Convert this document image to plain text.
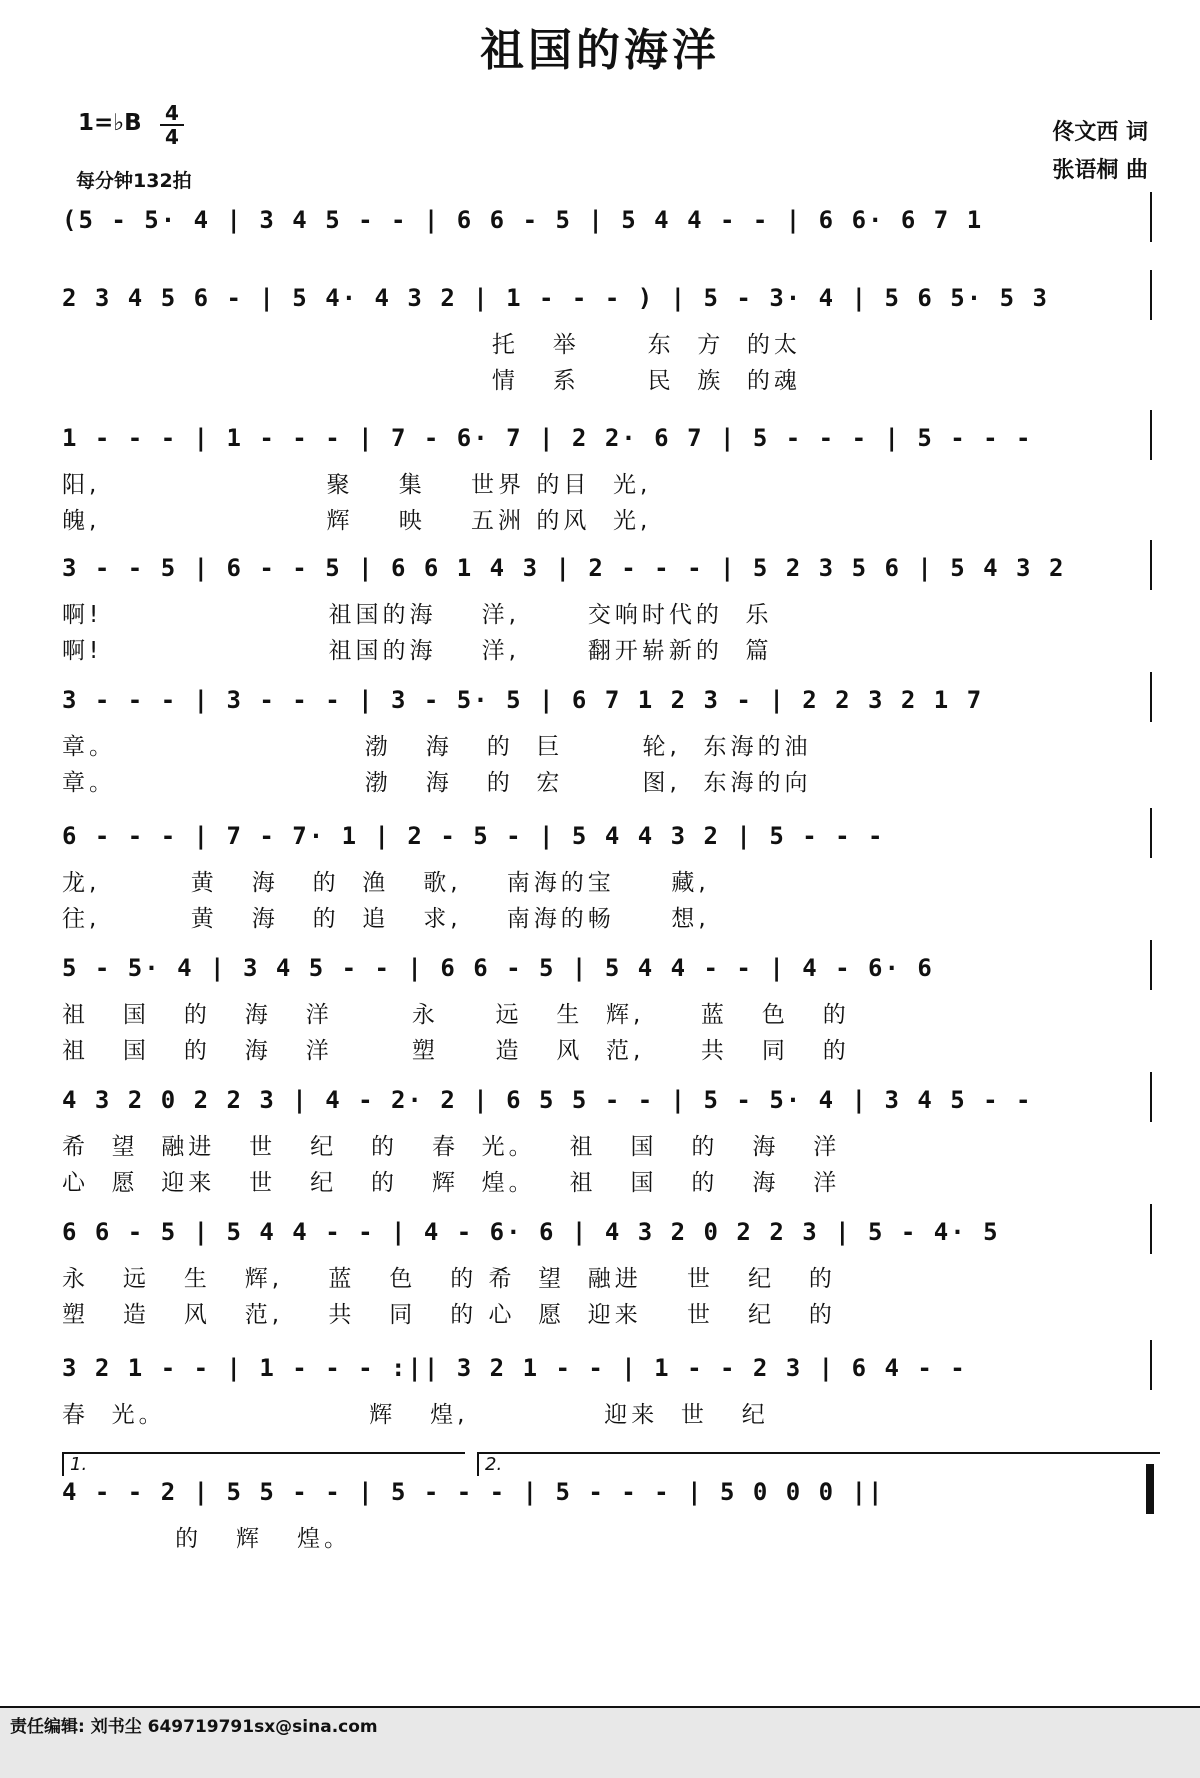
祖国的海洋
1=♭B 4
4
每分钟132拍
佟文西 词
张语桐 曲
(5 - 5· 4 | 3 4 5 - - | 6 6 - 5 | 5 4 4 - - | 6 6· 6 7 1
2 3 4 5 6 - | 5 4· 4 3 2 | 1 - - - ) | 5 - 3· 4 | 5 6 5· 5 3
托   举      东  方  的太
情   系      民  族  的魂
1 - - - | 1 - - - | 7 - 6· 7 | 2 2· 6 7 | 5 - - - | 5 - - -
阳,                    聚    集    世界 的目  光,
魄,                    辉    映    五洲 的风  光,
3 - - 5 | 6 - - 5 | 6 6 1 4 3 | 2 - - - | 5 2 3 5 6 | 5 4 3 2
啊!                    祖国的海    洋,      交响时代的  乐
啊!                    祖国的海    洋,      翻开崭新的  篇
3 - - - | 3 - - - | 3 - 5· 5 | 6 7 1 2 3 - | 2 2 3 2 1 7
章。                      渤   海   的  巨       轮,  东海的油
章。                      渤   海   的  宏       图,  东海的向
6 - - - | 7 - 7· 1 | 2 - 5 - | 5 4 4 3 2 | 5 - - -
龙,        黄   海   的  渔   歌,    南海的宝     藏,
往,        黄   海   的  追   求,    南海的畅     想,
5 - 5· 4 | 3 4 5 - - | 6 6 - 5 | 5 4 4 - - | 4 - 6· 6
祖   国   的   海   洋       永     远   生  辉,     蓝   色   的
祖   国   的   海   洋       塑     造   风  范,     共   同   的
4 3 2 0 2 2 3 | 4 - 2· 2 | 6 5 5 - - | 5 - 5· 4 | 3 4 5 - -
希  望  融进   世   纪   的   春  光。   祖   国   的   海   洋
心  愿  迎来   世   纪   的   辉  煌。   祖   国   的   海   洋
6 6 - 5 | 5 4 4 - - | 4 - 6· 6 | 4 3 2 0 2 2 3 | 5 - 4· 5
永   远   生   辉,    蓝   色   的 希  望  融进    世   纪   的
塑   造   风   范,    共   同   的 心  愿  迎来    世   纪   的
3 2 1 - - | 1 - - - :|| 3 2 1 - - | 1 - - 2 3 | 6 4 - -
春  光。                  辉   煌,            迎来  世   纪
4 - - 2 | 5 5 - - | 5 - - - | 5 - - - | 5 0 0 0 ||
的   辉   煌。
1.	2.
责任编辑: 刘书尘 649719791sx@sina.com
